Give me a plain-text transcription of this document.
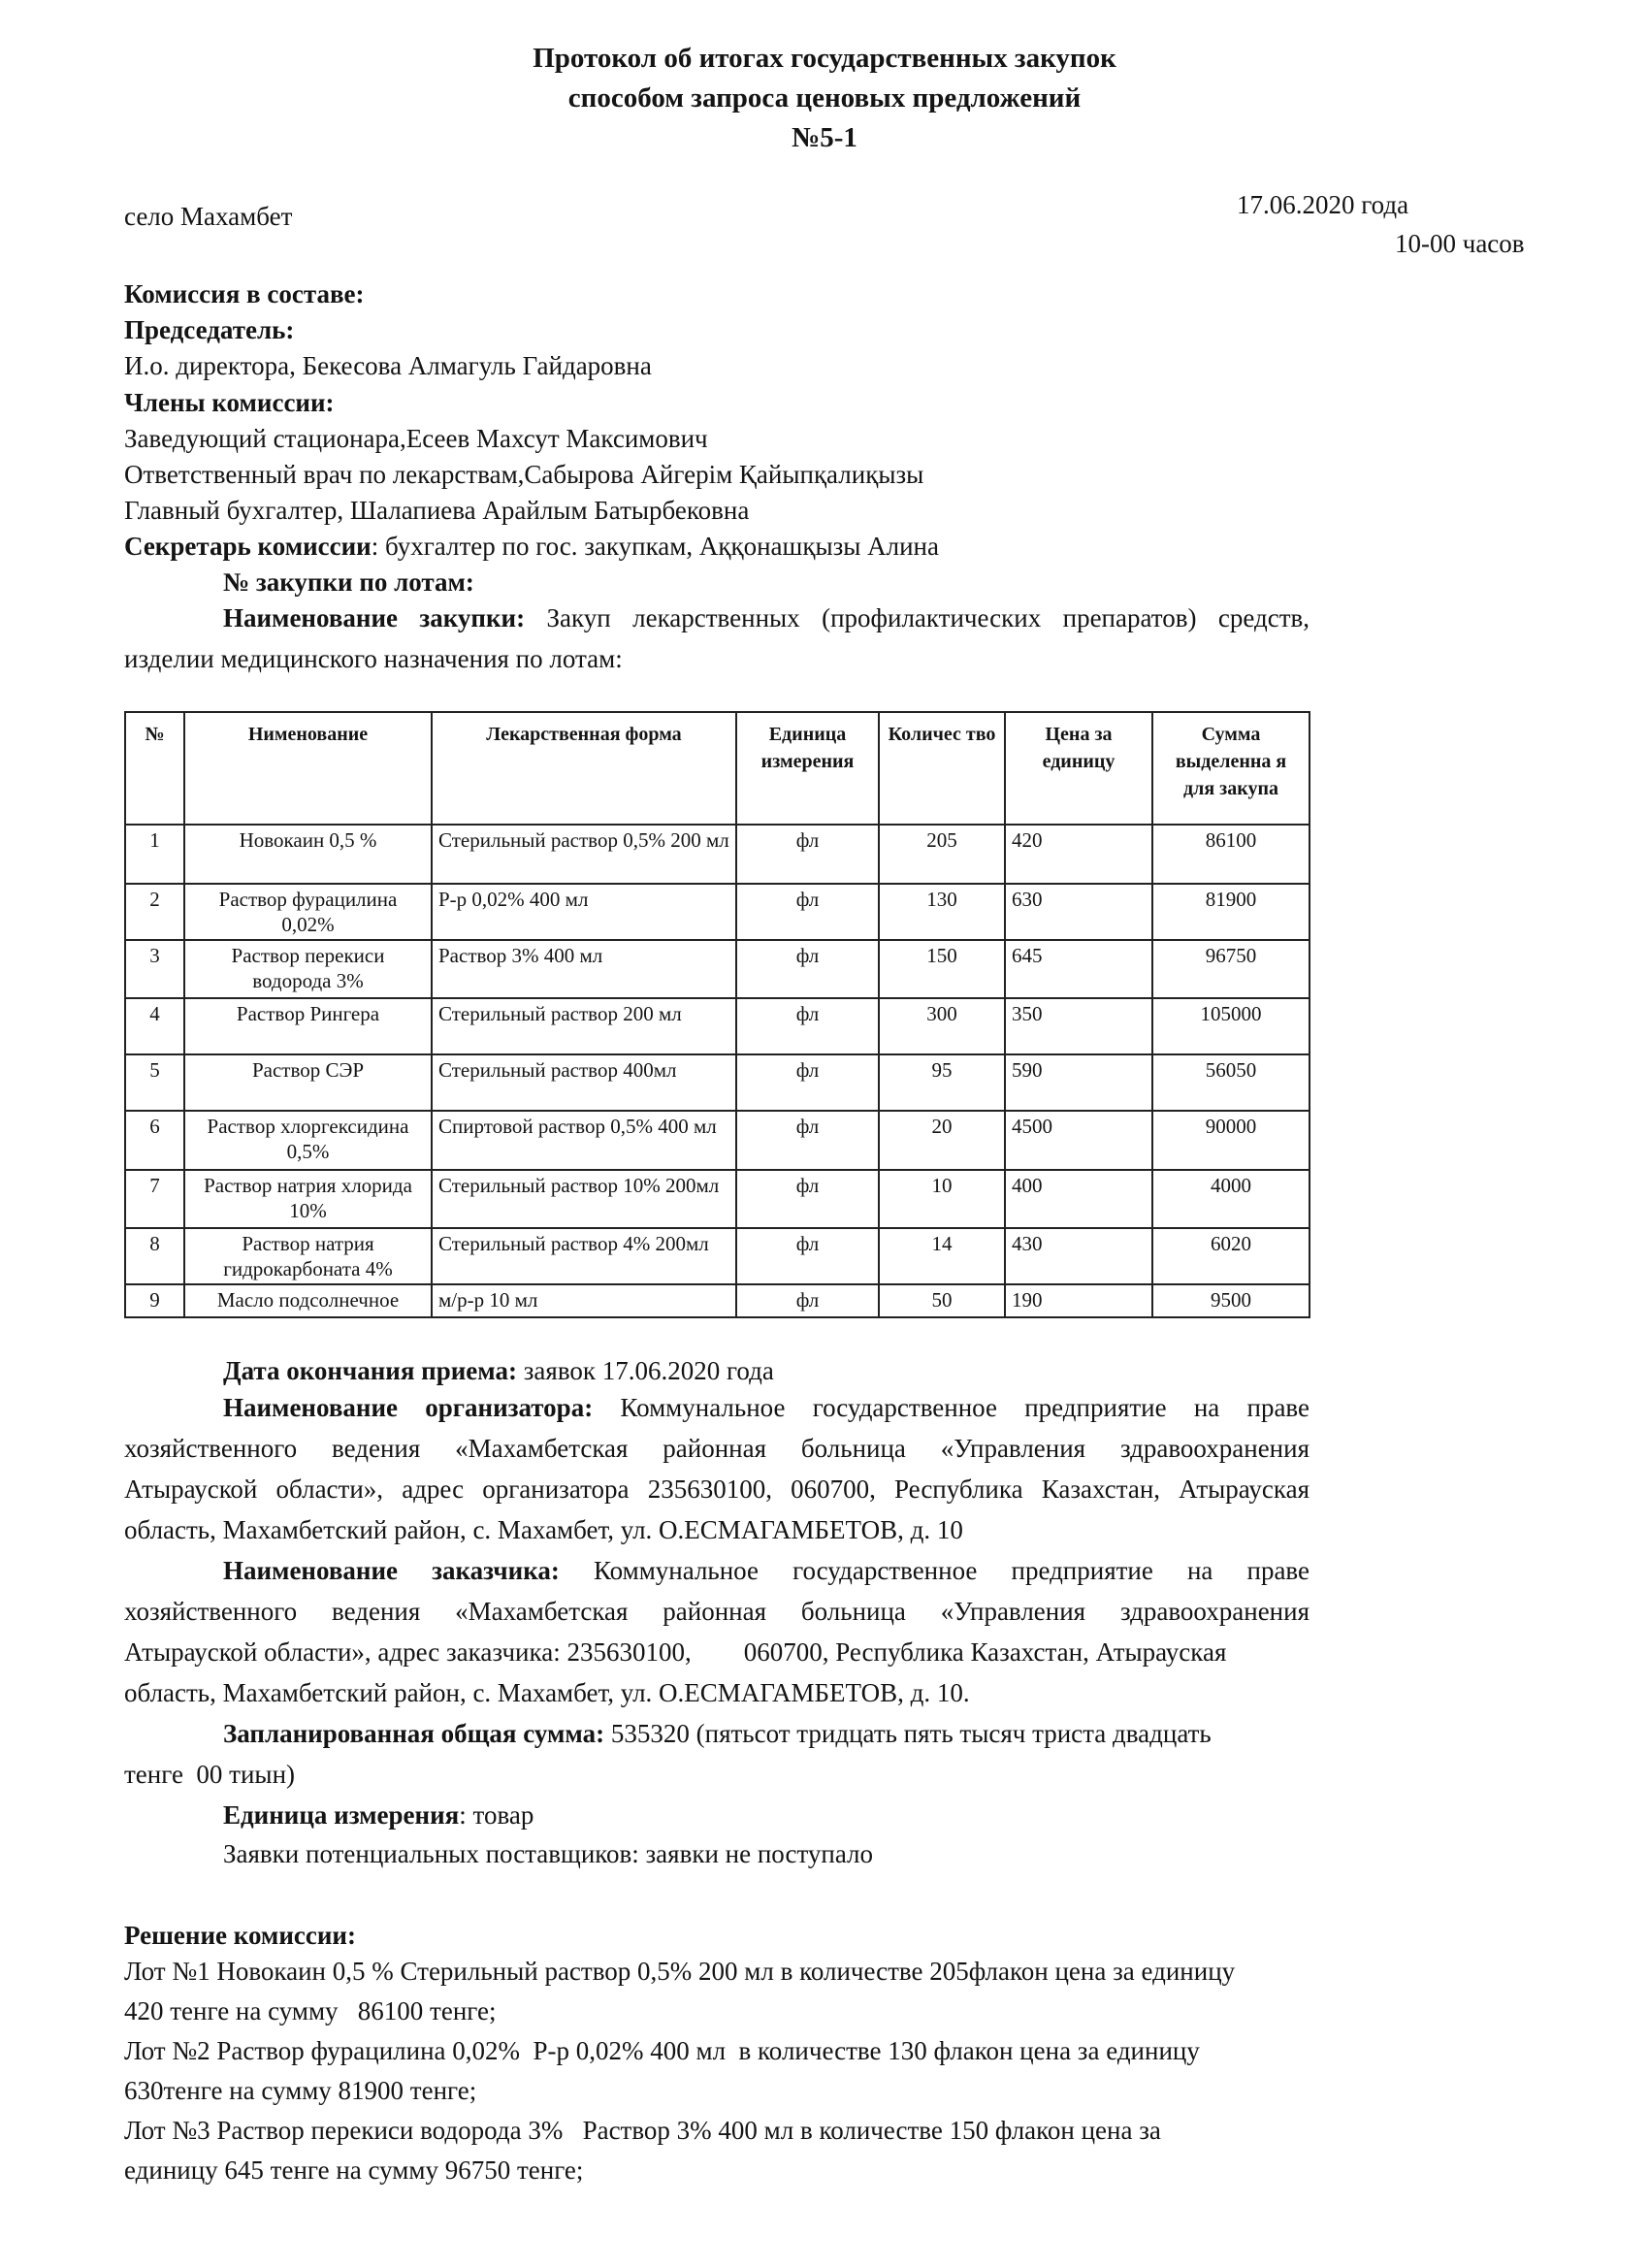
Протокол об итогах государственных закупок
способом запроса ценовых предложений
№5-1
село Махамбет	17.06.2020 года
10-00 часов
Комиссия в составе:
Председатель:
И.о. директора, Бекесова Алмагуль Гайдаровна
Члены комиссии:
Заведующий стационара,Есеев Махсут Максимович
Ответственный врач по лекарствам,Сабырова Айгерім Қайыпқалиқызы
Главный бухгалтер, Шалапиева Арайлым Батырбековна
Секретарь комиссии: бухгалтер по гос. закупкам, Аққонашқызы Алина
№ закупки по лотам:
Наименование закупки: Закуп лекарственных (профилактических препаратов) средств,
изделии медицинского назначения по лотам:
№	Нименование	Лекарственная форма	Единица измерения	Количес тво	Цена за единицу	Сумма выделенна я для закупа
1	Новокаин 0,5 %	Стерильный раствор 0,5% 200 мл	фл	205	420	86100
2	Раствор фурацилина 0,02%	Р-р 0,02% 400 мл	фл	130	630	81900
3	Раствор перекиси водорода 3%	Раствор 3% 400 мл	фл	150	645	96750
4	Раствор Рингера	Стерильный раствор 200 мл	фл	300	350	105000
5	Раствор СЭР	Стерильный раствор 400мл	фл	95	590	56050
6	Раствор хлоргексидина 0,5%	Спиртовой раствор 0,5% 400 мл	фл	20	4500	90000
7	Раствор натрия хлорида 10%	Стерильный раствор 10% 200мл	фл	10	400	4000
8	Раствор натрия гидрокарбоната 4%	Стерильный раствор 4% 200мл	фл	14	430	6020
9	Масло подсолнечное	м/р-р 10 мл	фл	50	190	9500
Дата окончания приема: заявок 17.06.2020 года
Наименование организатора: Коммунальное государственное предприятие на праве
хозяйственного ведения «Махамбетская районная больница «Управления здравоохранения
Атырауской области», адрес организатора 235630100, 060700, Республика Казахстан, Атырауская
область, Махамбетский район, с. Махамбет, ул. О.ЕСМАГАМБЕТОВ, д. 10
Наименование заказчика: Коммунальное государственное предприятие на праве
хозяйственного ведения «Махамбетская районная больница «Управления здравоохранения
Атырауской области», адрес заказчика: 235630100,        060700, Республика Казахстан, Атырауская
область, Махамбетский район, с. Махамбет, ул. О.ЕСМАГАМБЕТОВ, д. 10.
Запланированная общая сумма: 535320 (пятьсот тридцать пять тысяч триста двадцать
тенге  00 тиын)
Единица измерения: товар
Заявки потенциальных поставщиков: заявки не поступало
Решение комиссии:
Лот №1 Новокаин 0,5 % Стерильный раствор 0,5% 200 мл в количестве 205флакон цена за единицу
420 тенге на сумму   86100 тенге;
Лот №2 Раствор фурацилина 0,02%  Р-р 0,02% 400 мл  в количестве 130 флакон цена за единицу
630тенге на сумму 81900 тенге;
Лот №3 Раствор перекиси водорода 3%   Раствор 3% 400 мл в количестве 150 флакон цена за
единицу 645 тенге на сумму 96750 тенге;
